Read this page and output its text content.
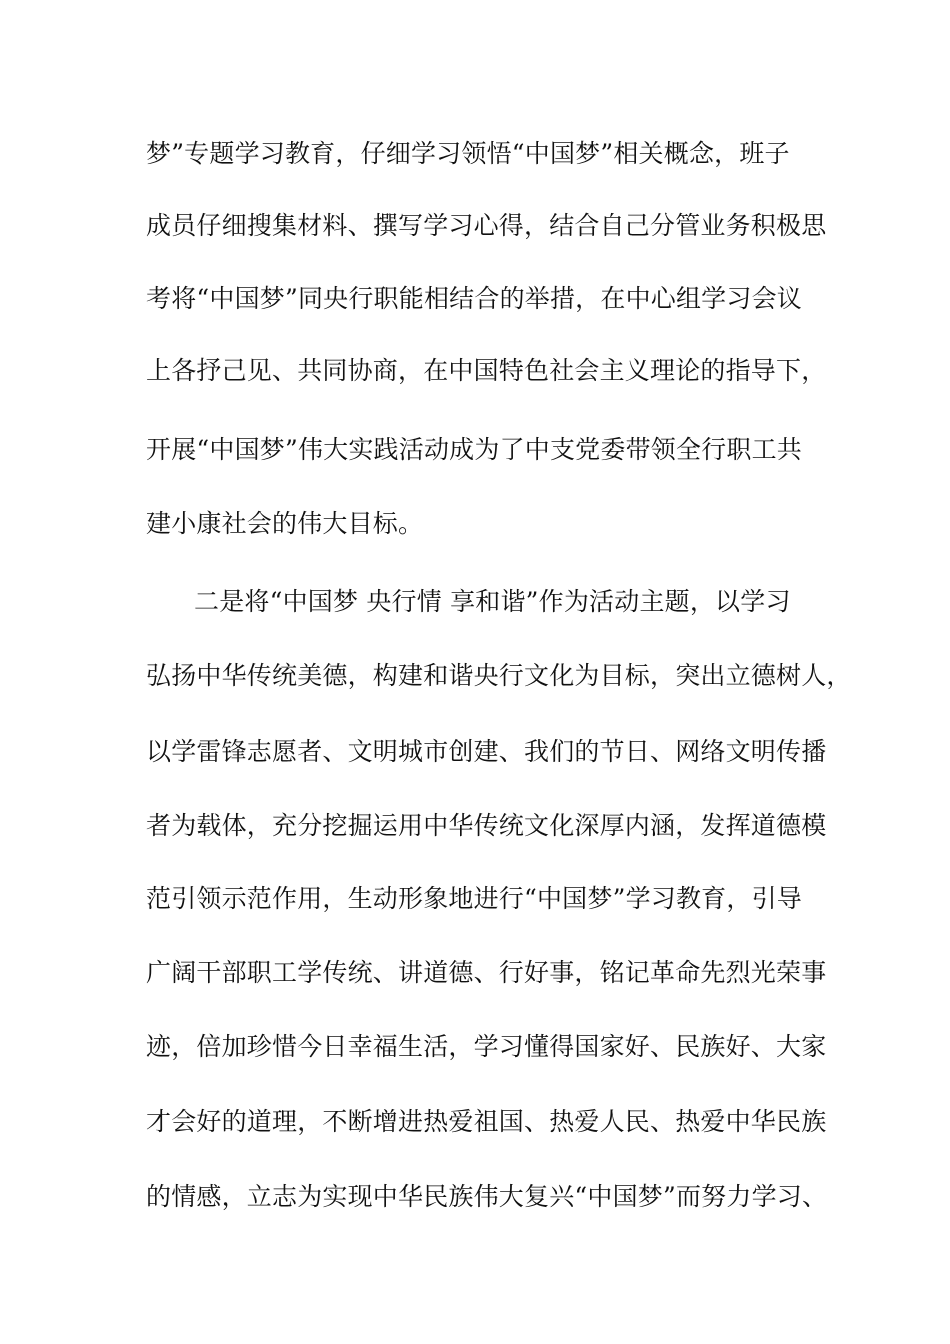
梦”专题学习教育，仔细学习领悟“中国梦”相关概念，班子
成员仔细搜集材料、撰写学习心得，结合自己分管业务积极思
考将“中国梦”同央行职能相结合的举措，在中心组学习会议
上各抒己见、共同协商，在中国特色社会主义理论的指导下，
开展“中国梦”伟大实践活动成为了中支党委带领全行职工共
建小康社会的伟大目标。
二是将“中国梦 央行情 享和谐”作为活动主题，以学习
弘扬中华传统美德，构建和谐央行文化为目标，突出立德树人，
以学雷锋志愿者、文明城市创建、我们的节日、网络文明传播
者为载体，充分挖掘运用中华传统文化深厚内涵，发挥道德模
范引领示范作用，生动形象地进行“中国梦”学习教育，引导
广阔干部职工学传统、讲道德、行好事，铭记革命先烈光荣事
迹，倍加珍惜今日幸福生活，学习懂得国家好、民族好、大家
才会好的道理，不断增进热爱祖国、热爱人民、热爱中华民族
的情感，立志为实现中华民族伟大复兴“中国梦”而努力学习、
